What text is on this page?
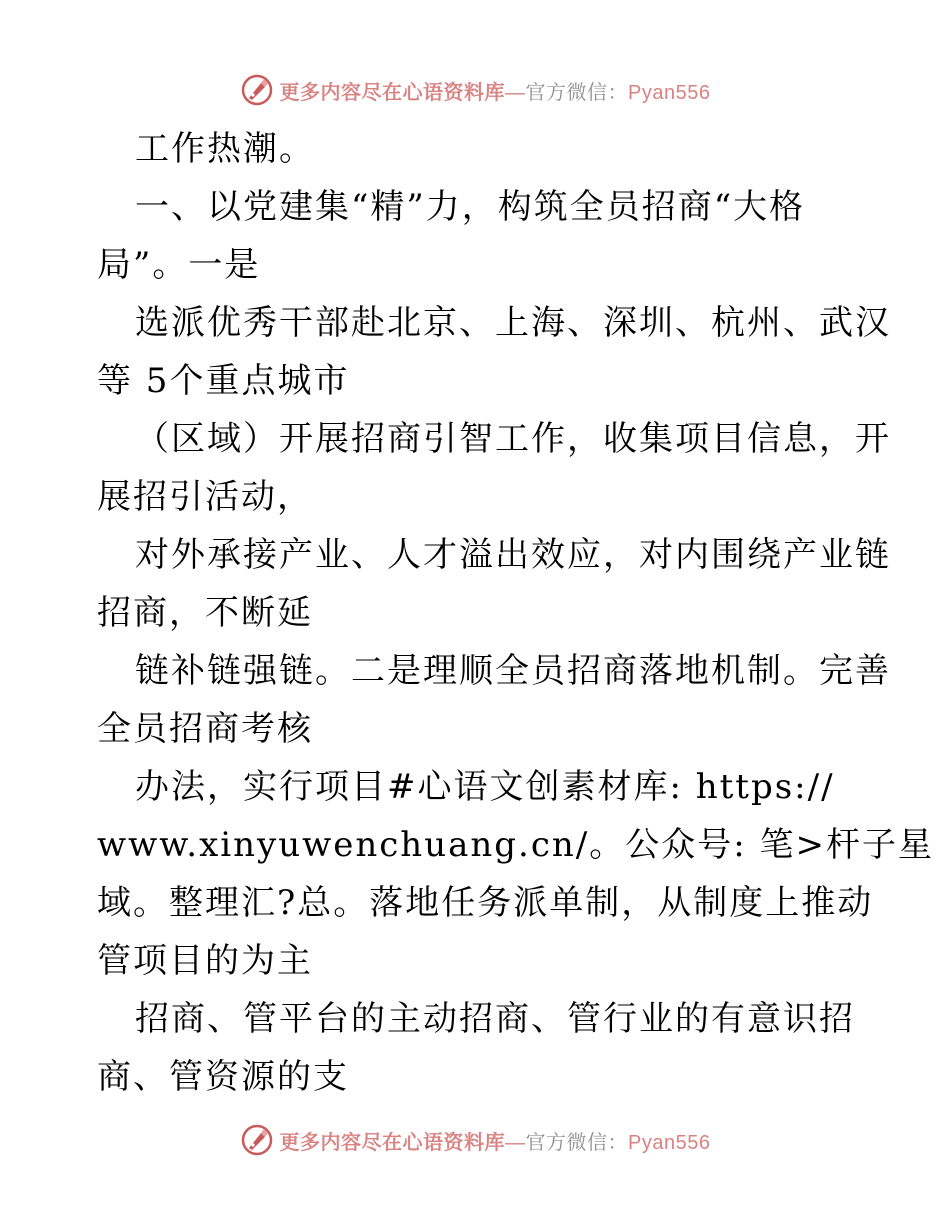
更多内容尽在心语资料库—官方微信：Pyan556
工作热潮。
一、以党建集“精”力，构筑全员招商“大格
局”。一是
选派优秀干部赴北京、上海、深圳、杭州、武汉
等 5个重点城市
（区域）开展招商引智工作，收集项目信息，开
展招引活动，
对外承接产业、人才溢出效应，对内围绕产业链
招商，不断延
链补链强链。二是理顺全员招商落地机制。完善
全员招商考核
办法，实行项目#心语文创素材库: https://
www.xinyuwenchuang.cn/。公众号: 笔>杆子星
域。整理汇?总。落地任务派单制，从制度上推动
管项目的为主
招商、管平台的主动招商、管行业的有意识招
商、管资源的支
更多内容尽在心语资料库—官方微信：Pyan556
